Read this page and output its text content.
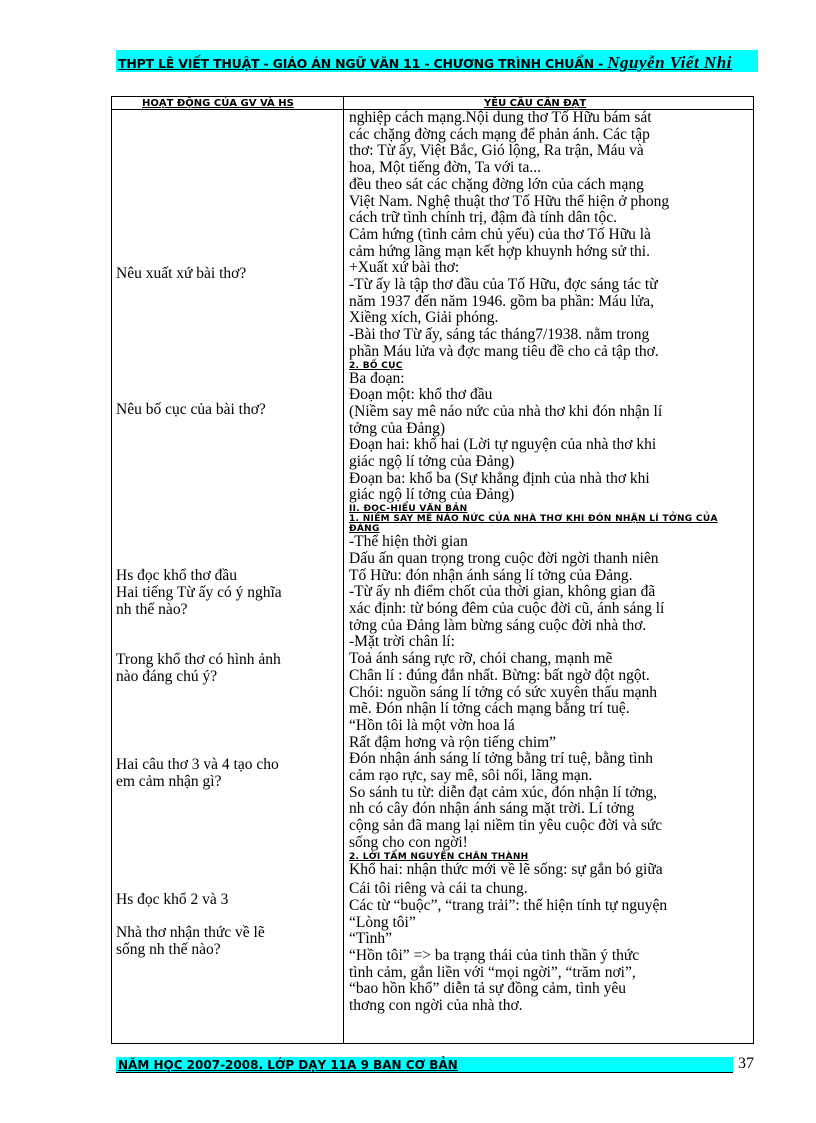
THPT LÊ VIẾT THUẬT - GIÁO ÁN NGỮ VĂN 11 - CHƯƠNG TRÌNH CHUẨN - Nguyễn Viết Nhi
HOẠT ĐỘNG CỦA GV VÀ HS	YÊU CẦU CẦN ĐẠT
Nêu xuất xứ bài thơ?
Nêu bố cục của bài thơ?
Hs đọc khổ thơ đầu
Hai tiếng Từ ấy có ý nghĩa
nh thế nào?
Trong khổ thơ có hình ảnh
nào đáng chú ý?
Hai câu thơ 3 và 4 tạo cho
em cảm nhận gì?
Hs đọc khổ 2 và 3
Nhà thơ nhận thức về lẽ
sống nh thế nào?
nghiệp cách mạng.Nội dung thơ Tố Hữu bám sát
các chặng đờng cách mạng để phản ánh. Các tập
thơ: Từ ấy, Việt Bắc, Gió lộng, Ra trận, Máu và
hoa, Một tiếng đờn, Ta với ta...
đều theo sát các chặng đờng lớn của cách mạng
Việt Nam. Nghệ thuật thơ Tố Hữu thể hiện ở phong
cách trữ tình chính trị, đậm đà tính dân tộc.
Cảm hứng (tình cảm chủ yếu) của thơ Tố Hữu là
cảm hứng lãng mạn kết hợp khuynh hớng sử thi.
+Xuất xứ bài thơ:
-Từ ấy là tập thơ đầu của Tố Hữu, đợc sáng tác từ
năm 1937 đến năm 1946. gồm ba phần: Máu lửa,
Xiềng xích, Giải phóng.
-Bài thơ Từ ấy, sáng tác tháng7/1938. nằm trong
phần Máu lửa và đợc mang tiêu đề cho cả tập thơ.
2. BỐ CỤC
Ba đoạn:
Đoạn một: khổ thơ đầu
(Niềm say mê náo nức của nhà thơ khi đón nhận lí
tởng của Đảng)
Đoạn hai: khổ hai (Lời tự nguyện của nhà thơ khi
giác ngộ lí tởng của Đảng)
Đoạn ba: khổ ba (Sự khẳng định của nhà thơ khi
giác ngộ lí tởng của Đảng)
II. ĐỌC-HIỂU VĂN BẢN
1. NIỀM SAY MÊ NÁO NỨC CỦA NHÀ THƠ KHI ĐÓN NHẬN LÍ TỞNG CỦA
ĐẢNG
-Thể hiện thời gian
Dấu ấn quan trọng trong cuộc đời ngời thanh niên
Tố Hữu: đón nhận ánh sáng lí tởng của Đảng.
-Từ ấy nh điểm chốt của thời gian, không gian đã
xác định: từ bóng đêm của cuộc đời cũ, ánh sáng lí
tởng của Đảng làm bừng sáng cuộc đời nhà thơ.
-Mặt trời chân lí:
Toả ánh sáng rực rỡ, chói chang, mạnh mẽ
Chân lí : đúng đắn nhất. Bừng: bất ngờ đột ngột.
Chói: nguồn sáng lí tởng có sức xuyên thấu mạnh
mẽ. Đón nhận lí tởng cách mạng bằng trí tuệ.
“Hồn tôi là một vờn hoa lá
Rất đậm hơng và rộn tiếng chim”
Đón nhận ánh sáng lí tởng bằng trí tuệ, bằng tình
cảm rạo rực, say mê, sôi nổi, lãng mạn.
So sánh tu từ: diễn đạt cảm xúc, đón nhận lí tởng,
nh có cây đón nhận ánh sáng mặt trời. Lí tởng
cộng sản đã mang lại niềm tin yêu cuộc đời và sức
sống cho con ngời!
2. LỜI TẨM NGUYỆN CHÂN THÀNH
Khổ hai: nhận thức mới về lẽ sống: sự gắn bó giữa
Cái tôi riêng và cái ta chung.
Các từ “buộc”, “trang trải”: thể hiện tính tự nguyện
“Lòng tôi”
“Tình”
“Hồn tôi” => ba trạng thái của tinh thần ý thức
tình cảm, gắn liền với “mọi ngời”, “trăm nơi”,
“bao hồn khổ” diễn tả sự đồng cảm, tình yêu
thơng con ngời của nhà thơ.
NĂM HỌC 2007-2008. LỚP DẠY 11A 9 BAN CƠ BẢN	37
